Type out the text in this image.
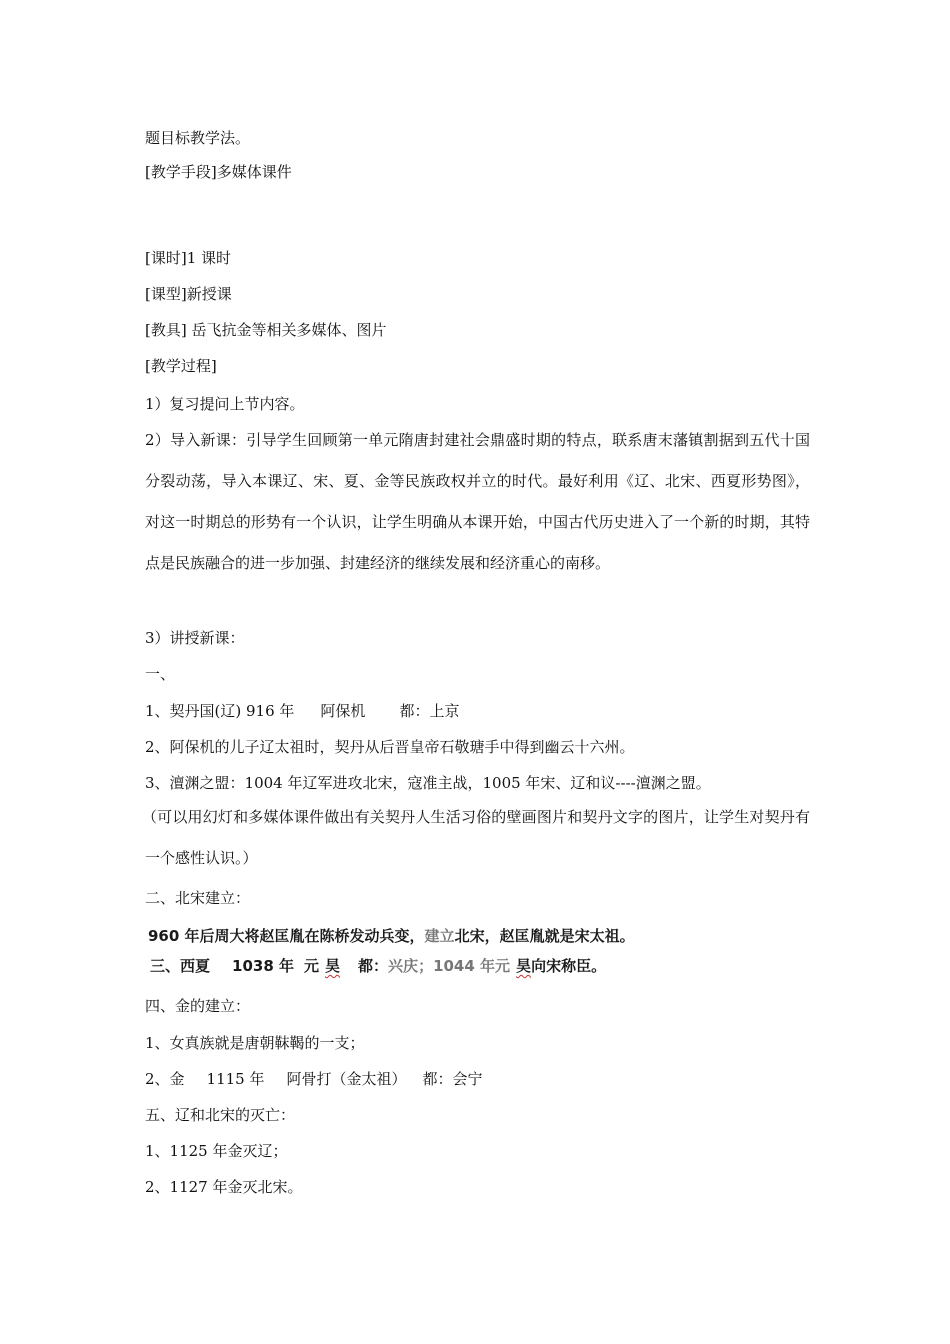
题目标教学法。

[教学手段]多媒体课件

[课时]1 课时

[课型]新授课

[教具] 岳飞抗金等相关多媒体、图片

[教学过程]

1）复习提问上节内容。

2）导入新课：引导学生回顾第一单元隋唐封建社会鼎盛时期的特点，联系唐末藩镇割据到五代十国分裂动荡，导入本课辽、宋、夏、金等民族政权并立的时代。最好利用《辽、北宋、西夏形势图》，对这一时期总的形势有一个认识，让学生明确从本课开始，中国古代历史进入了一个新的时期，其特点是民族融合的进一步加强、封建经济的继续发展和经济重心的南移。

3）讲授新课：

一、

1、契丹国(辽) 916 年 阿保机 都：上京

2、阿保机的儿子辽太祖时，契丹从后晋皇帝石敬瑭手中得到幽云十六州。

3、澶渊之盟：1004 年辽军进攻北宋，寇准主战，1005 年宋、辽和议----澶渊之盟。

（可以用幻灯和多媒体课件做出有关契丹人生活习俗的壁画图片和契丹文字的图片，让学生对契丹有一个感性认识。）

二、北宋建立：

960 年后周大将赵匡胤在陈桥发动兵变，建立北宋，赵匡胤就是宋太祖。
三、西夏 1038 年 元 昊 都：兴庆；1044 年元 昊向宋称臣。

四、金的建立：

1、女真族就是唐朝靺鞨的一支；

2、金 1115 年 阿骨打（金太祖） 都：会宁

五、辽和北宋的灭亡：

1、1125 年金灭辽；

2、1127 年金灭北宋。
